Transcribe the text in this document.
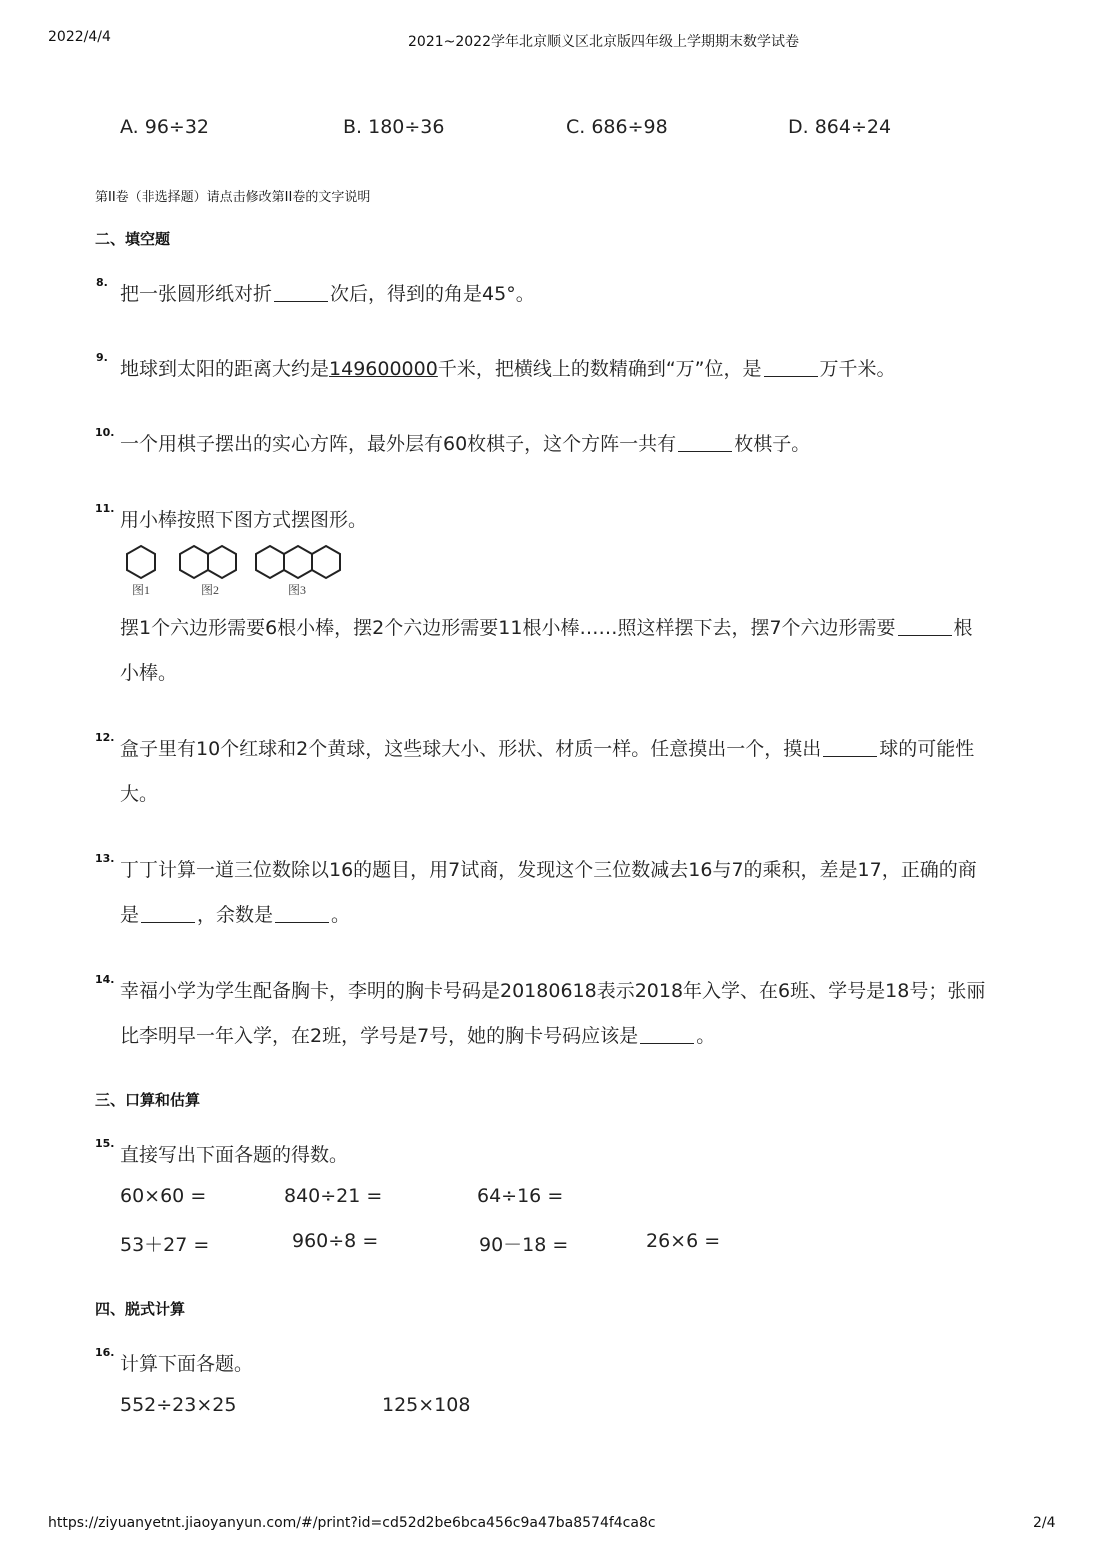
2022/4/4	2021~2022学年北京顺义区北京版四年级上学期期末数学试卷
A. 96÷32	B. 180÷36	C. 686÷98	D. 864÷24
第II卷（非选择题）请点击修改第II卷的文字说明
二、填空题
8.
把一张圆形纸对折	次后，得到的角是45°。
9.
地球到太阳的距离大约是149600000千米，把横线上的数精确到“万”位，是	万千米。
10.
一个用棋子摆出的实心方阵，最外层有60枚棋子，这个方阵一共有	枚棋子。
11.
用小棒按照下图方式摆图形。
图1	图2	图3
摆1个六边形需要6根小棒，摆2个六边形需要11根小棒……照这样摆下去，摆7个六边形需要	根
小棒。
12.
盒子里有10个红球和2个黄球，这些球大小、形状、材质一样。任意摸出一个，摸出	球的可能性
大。
13.
丁丁计算一道三位数除以16的题目，用7试商，发现这个三位数减去16与7的乘积，差是17，正确的商
是	，余数是	。
14.
幸福小学为学生配备胸卡，李明的胸卡号码是20180618表示2018年入学、在6班、学号是18号；张丽
比李明早一年入学，在2班，学号是7号，她的胸卡号码应该是	。
三、口算和估算
15.
直接写出下面各题的得数。
60×60 =	840÷21 =	64÷16 =
53＋27 =	960÷8 =	90－18 =	26×6 =
四、脱式计算
16.
计算下面各题。
552÷23×25	125×108
https://ziyuanyetnt.jiaoyanyun.com/#/print?id=cd52d2be6bca456c9a47ba8574f4ca8c	2/4
